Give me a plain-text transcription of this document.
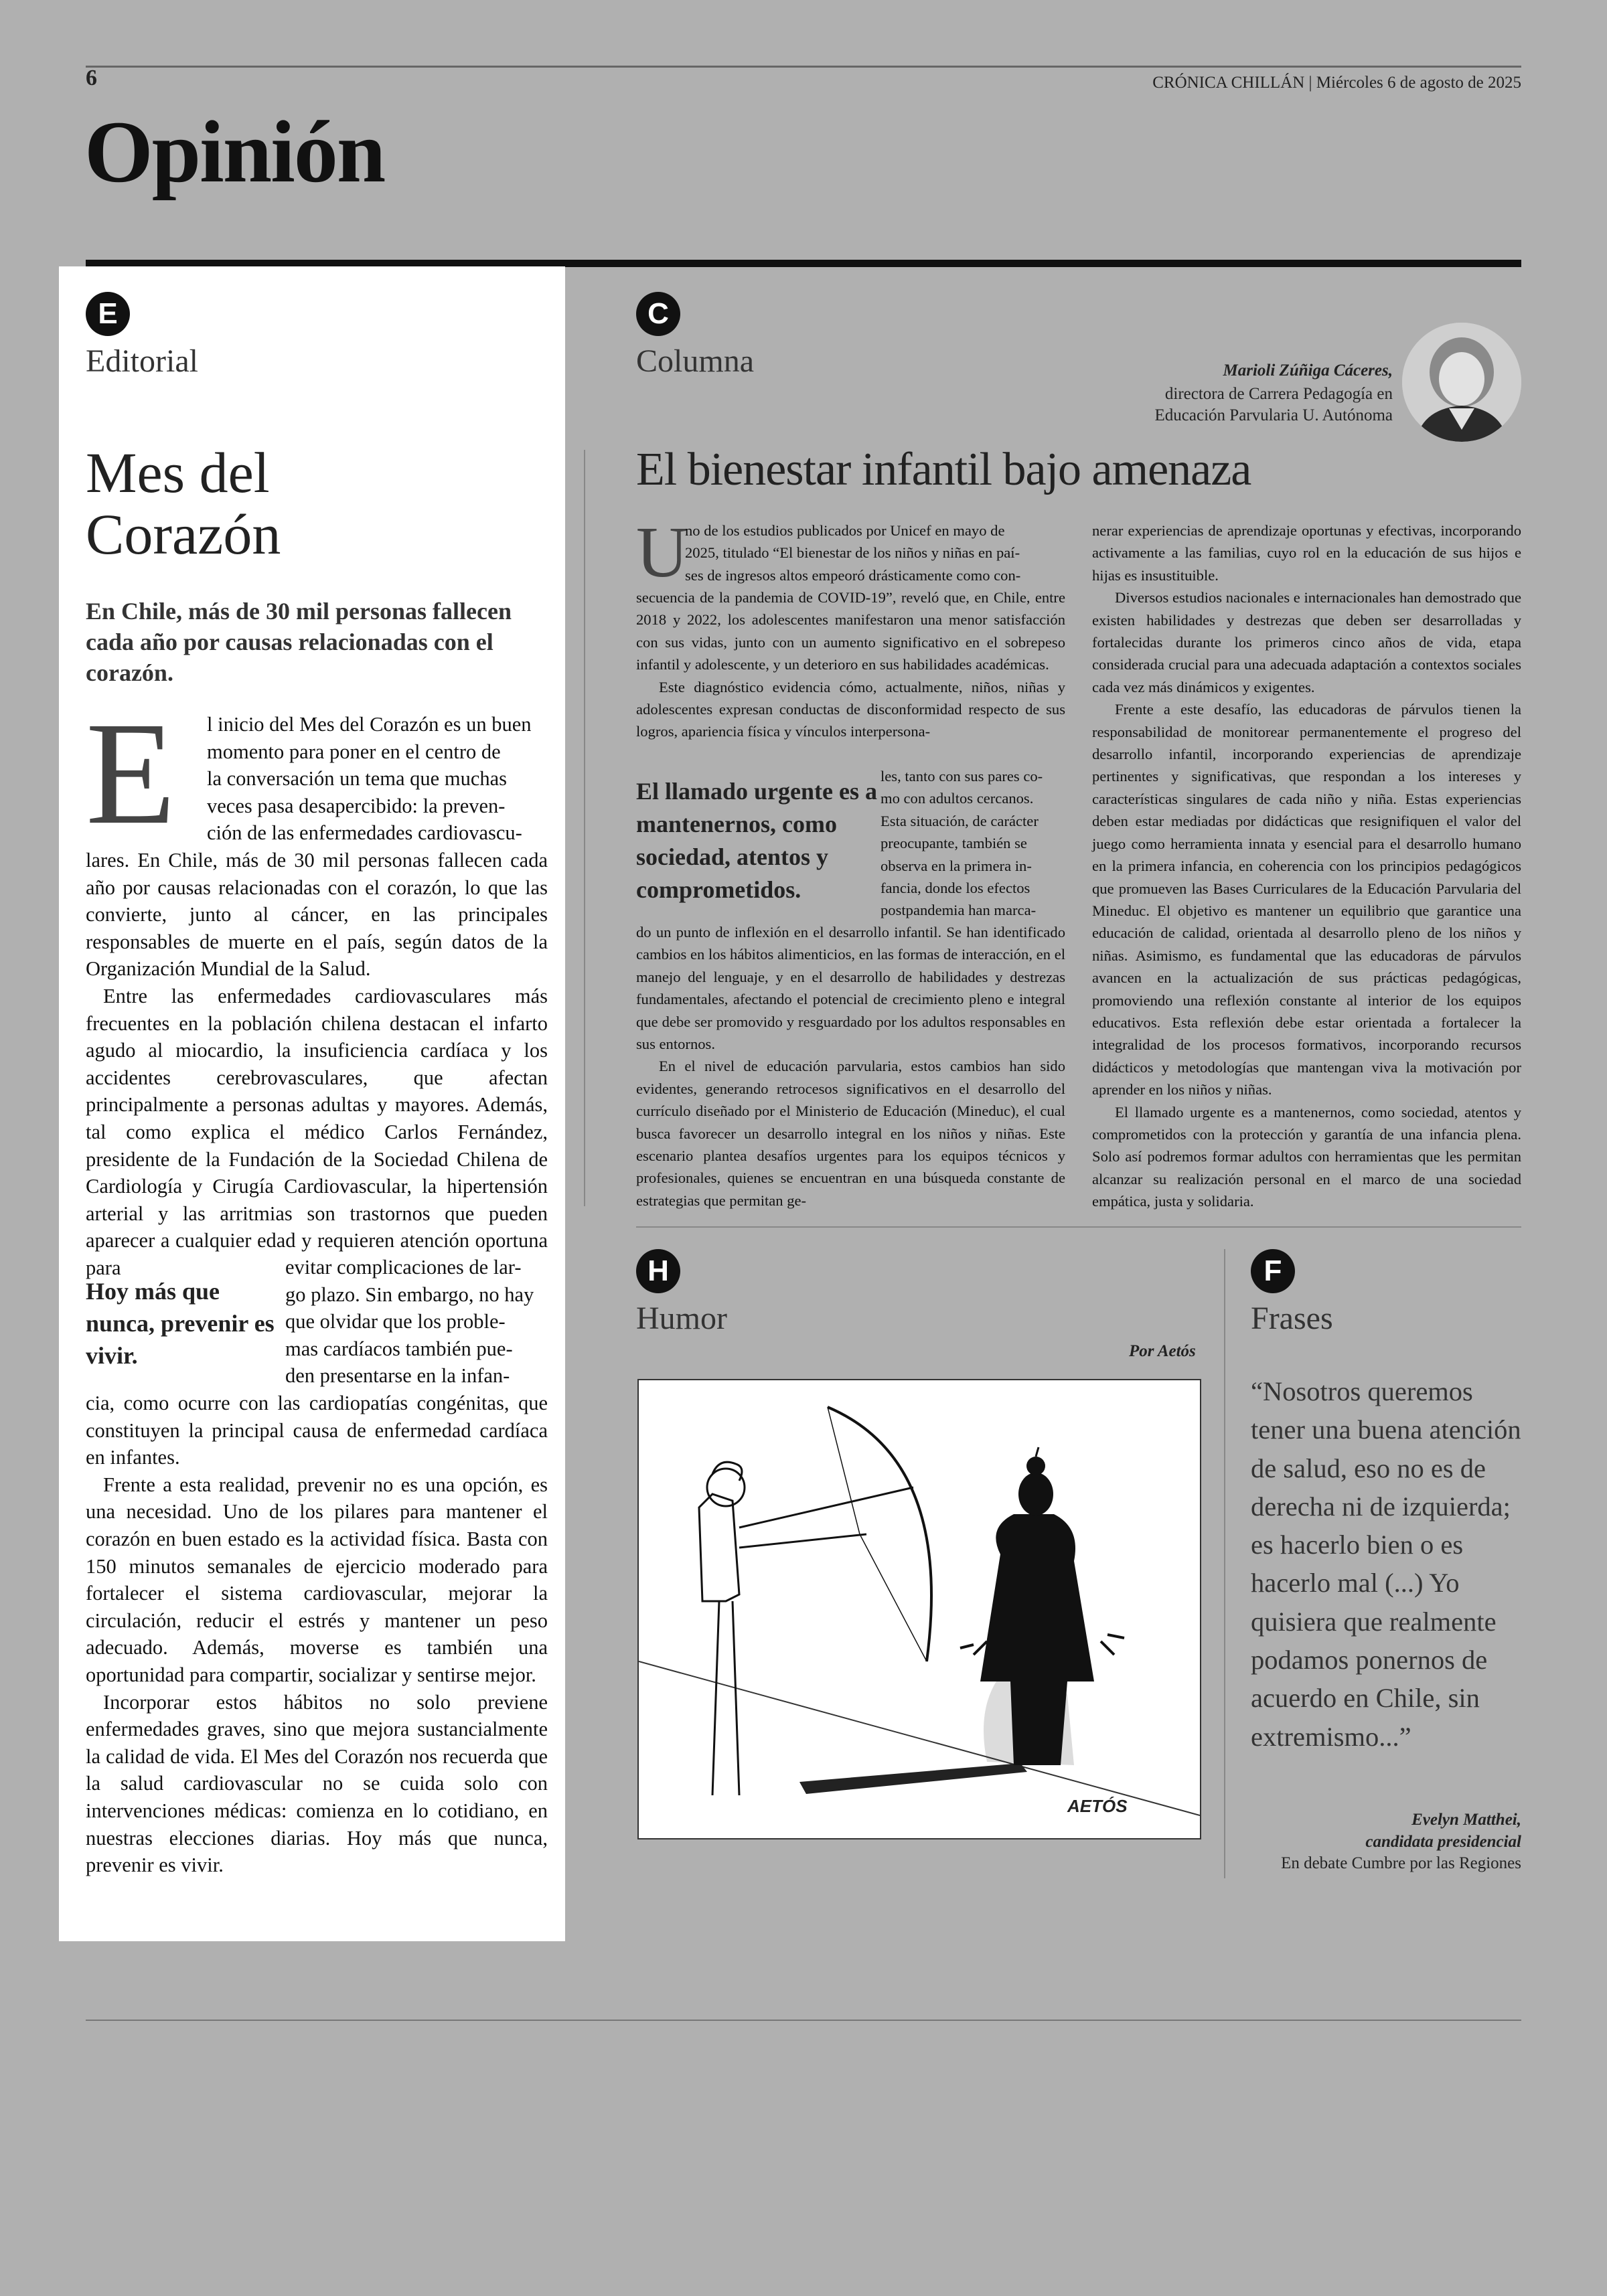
6	CRÓNICA CHILLÁN | Miércoles 6 de agosto de 2025
Opinión
E
Editorial
Mes del
Corazón
En Chile, más de 30 mil personas fallecen cada año por causas relacionadas con el corazón.
E l inicio del Mes del Corazón es un buen
momento para poner en el centro de
la conversación un tema que muchas
veces pasa desapercibido: la preven-
ción de las enfermedades cardiovascu-

lares. En Chile, más de 30 mil personas fallecen cada año por causas relacionadas con el corazón, lo que las convierte, junto al cáncer, en las principales responsables de muerte en el país, según datos de la Organización Mundial de la Salud.

Entre las enfermedades cardiovasculares más frecuentes en la población chilena destacan el infarto agudo al miocardio, la insuficiencia cardíaca y los accidentes cerebrovasculares, que afectan principalmente a personas adultas y mayores. Además, tal como explica el médico Carlos Fernández, presidente de la Fundación de la Sociedad Chilena de Cardiología y Cirugía Cardiovascular, la hipertensión arterial y las arritmias son trastornos que pueden aparecer a cualquier edad y requieren atención oportuna para

Hoy más que nunca, prevenir es vivir.
evitar complicaciones de lar-
go plazo. Sin embargo, no hay
que olvidar que los proble-
mas cardíacos también pue-
den presentarse en la infan-

cia, como ocurre con las cardiopatías congénitas, que constituyen la principal causa de enfermedad cardíaca en infantes.

Frente a esta realidad, prevenir no es una opción, es una necesidad. Uno de los pilares para mantener el corazón en buen estado es la actividad física. Basta con 150 minutos semanales de ejercicio moderado para fortalecer el sistema cardiovascular, mejorar la circulación, reducir el estrés y mantener un peso adecuado. Además, moverse es también una oportunidad para compartir, socializar y sentirse mejor.

Incorporar estos hábitos no solo previene enfermedades graves, sino que mejora sustancialmente la calidad de vida. El Mes del Corazón nos recuerda que la salud cardiovascular no se cuida solo con intervenciones médicas: comienza en lo cotidiano, en nuestras elecciones diarias. Hoy más que nunca, prevenir es vivir.

C
Columna	Marioli Zúñiga Cáceres,
directora de Carrera Pedagogía en Educación Parvularia U. Autónoma
El bienestar infantil bajo amenaza
U
no de los estudios publicados por Unicef en mayo de
2025, titulado “El bienestar de los niños y niñas en paí-
ses de ingresos altos empeoró drásticamente como con-

secuencia de la pandemia de COVID-19”, reveló que, en Chile, entre 2018 y 2022, los adolescentes manifestaron una menor satisfacción con sus vidas, junto con un aumento significativo en el sobrepeso infantil y adolescente, y un deterioro en sus habilidades académicas.

Este diagnóstico evidencia cómo, actualmente, niños, niñas y adolescentes expresan conductas de disconformidad respecto de sus logros, apariencia física y vínculos interpersona-

El llamado urgente es a mantenernos, como sociedad, atentos y comprometidos.
les, tanto con sus pares co-
mo con adultos cercanos.
Esta situación, de carácter
preocupante, también se
observa en la primera in-
fancia, donde los efectos
postpandemia han marca-

do un punto de inflexión en el desarrollo infantil. Se han identificado cambios en los hábitos alimenticios, en las formas de interacción, en el manejo del lenguaje, y en el desarrollo de habilidades y destrezas fundamentales, afectando el potencial de crecimiento pleno e integral que debe ser promovido y resguardado por los adultos responsables en sus entornos.

En el nivel de educación parvularia, estos cambios han sido evidentes, generando retrocesos significativos en el desarrollo del currículo diseñado por el Ministerio de Educación (Mineduc), el cual busca favorecer un desarrollo integral en los niños y niñas. Este escenario plantea desafíos urgentes para los equipos técnicos y profesionales, quienes se encuentran en una búsqueda constante de estrategias que permitan ge-

nerar experiencias de aprendizaje oportunas y efectivas, incorporando activamente a las familias, cuyo rol en la educación de sus hijos e hijas es insustituible.

Diversos estudios nacionales e internacionales han demostrado que existen habilidades y destrezas que deben ser desarrolladas y fortalecidas durante los primeros cinco años de vida, etapa considerada crucial para una adecuada adaptación a contextos sociales cada vez más dinámicos y exigentes.

Frente a este desafío, las educadoras de párvulos tienen la responsabilidad de monitorear permanentemente el progreso del desarrollo infantil, incorporando experiencias de aprendizaje pertinentes y significativas, que respondan a los intereses y características singulares de cada niño y niña. Estas experiencias deben estar mediadas por didácticas que resignifiquen el valor del juego como herramienta innata y esencial para el desarrollo humano en la primera infancia, en coherencia con los principios pedagógicos que promueven las Bases Curriculares de la Educación Parvularia del Mineduc. El objetivo es mantener un equilibrio que garantice una educación de calidad, orientada al desarrollo pleno de los niños y niñas. Asimismo, es fundamental que las educadoras de párvulos avancen en la actualización de sus prácticas pedagógicas, promoviendo una reflexión constante al interior de los equipos educativos. Esta reflexión debe estar orientada a fortalecer la integralidad de los procesos formativos, incorporando recursos didácticos y metodologías que mantengan viva la motivación por aprender en los niños y niñas.

El llamado urgente es a mantenernos, como sociedad, atentos y comprometidos con la protección y garantía de una infancia plena. Solo así podremos formar adultos con herramientas que les permitan alcanzar su realización personal en el marco de una sociedad empática, justa y solidaria.

H
Humor
Por Aetós
AETÓS
F
Frases
“Nosotros queremos tener una buena atención de salud, eso no es de derecha ni de izquierda; es hacerlo bien o es hacerlo mal (...) Yo quisiera que realmente podamos ponernos de acuerdo en Chile, sin extremismo...”
Evelyn Matthei,
candidata presidencial
En debate Cumbre por las Regiones
